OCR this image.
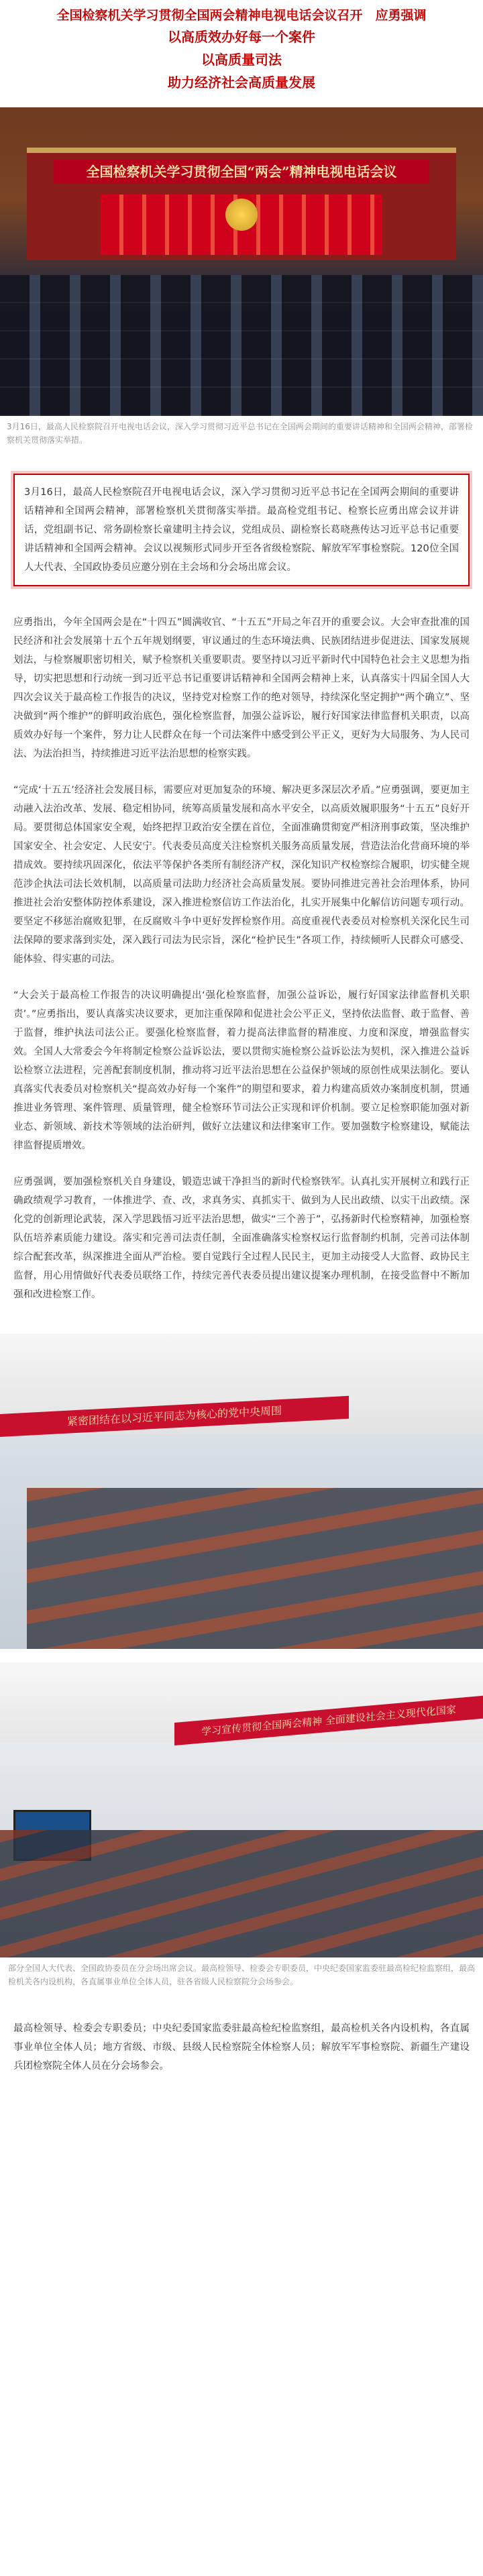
全国检察机关学习贯彻全国两会精神电视电话会议召开　应勇强调
以高质效办好每一个案件
以高质量司法
助力经济社会高质量发展
全国检察机关学习贯彻全国“两会”精神电视电话会议
3月16日，最高人民检察院召开电视电话会议，深入学习贯彻习近平总书记在全国两会期间的重要讲话精神和全国两会精神，部署检察机关贯彻落实举措。
3月16日，最高人民检察院召开电视电话会议，深入学习贯彻习近平总书记在全国两会期间的重要讲话精神和全国两会精神，部署检察机关贯彻落实举措。最高检党组书记、检察长应勇出席会议并讲话，党组副书记、常务副检察长童建明主持会议，党组成员、副检察长葛晓燕传达习近平总书记重要讲话精神和全国两会精神。会议以视频形式同步开至各省级检察院、解放军军事检察院。120位全国人大代表、全国政协委员应邀分别在主会场和分会场出席会议。

应勇指出，今年全国两会是在“十四五”圆满收官、“十五五”开局之年召开的重要会议。大会审查批准的国民经济和社会发展第十五个五年规划纲要，审议通过的生态环境法典、民族团结进步促进法、国家发展规划法，与检察履职密切相关，赋予检察机关重要职责。要坚持以习近平新时代中国特色社会主义思想为指导，切实把思想和行动统一到习近平总书记重要讲话精神和全国两会精神上来，认真落实十四届全国人大四次会议关于最高检工作报告的决议，坚持党对检察工作的绝对领导，持续深化坚定拥护“两个确立”、坚决做到“两个维护”的鲜明政治底色，强化检察监督，加强公益诉讼，履行好国家法律监督机关职责，以高质效办好每一个案件，努力让人民群众在每一个司法案件中感受到公平正义，更好为大局服务、为人民司法、为法治担当，持续推进习近平法治思想的检察实践。

“完成‘十五五’经济社会发展目标，需要应对更加复杂的环境、解决更多深层次矛盾。”应勇强调，要更加主动融入法治改革、发展、稳定相协同，统筹高质量发展和高水平安全，以高质效履职服务“十五五”良好开局。要贯彻总体国家安全观，始终把捍卫政治安全摆在首位，全面准确贯彻宽严相济刑事政策，坚决维护国家安全、社会安定、人民安宁。代表委员高度关注检察机关服务高质量发展，营造法治化营商环境的举措成效。要持续巩固深化，依法平等保护各类所有制经济产权，深化知识产权检察综合履职，切实健全规范涉企执法司法长效机制，以高质量司法助力经济社会高质量发展。要协同推进完善社会治理体系，协同推进社会治安整体防控体系建设，深入推进检察信访工作法治化，扎实开展集中化解信访问题专项行动。要坚定不移惩治腐败犯罪，在反腐败斗争中更好发挥检察作用。高度重视代表委员对检察机关深化民生司法保障的要求落到实处，深入践行司法为民宗旨，深化“检护民生”各项工作，持续倾听人民群众可感受、能体验、得实惠的司法。

“大会关于最高检工作报告的决议明确提出‘强化检察监督，加强公益诉讼，履行好国家法律监督机关职责’。”应勇指出，要认真落实决议要求，更加注重保障和促进社会公平正义，坚持依法监督、敢于监督、善于监督，维护执法司法公正。要强化检察监督，着力提高法律监督的精准度、力度和深度，增强监督实效。全国人大常委会今年将制定检察公益诉讼法，要以贯彻实施检察公益诉讼法为契机，深入推进公益诉讼检察立法进程，完善配套制度机制，推动将习近平法治思想在公益保护领域的原创性成果法制化。要认真落实代表委员对检察机关“提高效办好每一个案件”的期望和要求，着力构建高质效办案制度机制，贯通推进业务管理、案件管理、质量管理，健全检察环节司法公正实现和评价机制。要立足检察职能加强对新业态、新领域、新技术等领域的法治研判，做好立法建议和法律案审工作。要加强数字检察建设，赋能法律监督提质增效。

应勇强调，要加强检察机关自身建设，锻造忠诚干净担当的新时代检察铁军。认真扎实开展树立和践行正确政绩观学习教育，一体推进学、查、改，求真务实、真抓实干、做到为人民出政绩、以实干出政绩。深化党的创新理论武装，深入学思践悟习近平法治思想，做实“三个善于”，弘扬新时代检察精神，加强检察队伍培养素质能力建设。落实和完善司法责任制，全面准确落实检察权运行监督制约机制，完善司法体制综合配套改革，纵深推进全面从严治检。要自觉践行全过程人民民主，更加主动接受人大监督、政协民主监督，用心用情做好代表委员联络工作，持续完善代表委员提出建议提案办理机制，在接受监督中不断加强和改进检察工作。

紧密团结在以习近平同志为核心的党中央周围
学习宣传贯彻全国两会精神 全面建设社会主义现代化国家
部分全国人大代表、全国政协委员在分会场出席会议。最高检领导、检委会专职委员，中央纪委国家监委驻最高检纪检监察组，最高检机关各内设机构，各直属事业单位全体人员，驻各省级人民检察院分会场参会。

最高检领导、检委会专职委员；中央纪委国家监委驻最高检纪检监察组，最高检机关各内设机构，各直属事业单位全体人员；地方省级、市级、县级人民检察院全体检察人员；解放军军事检察院、新疆生产建设兵团检察院全体人员在分会场参会。
